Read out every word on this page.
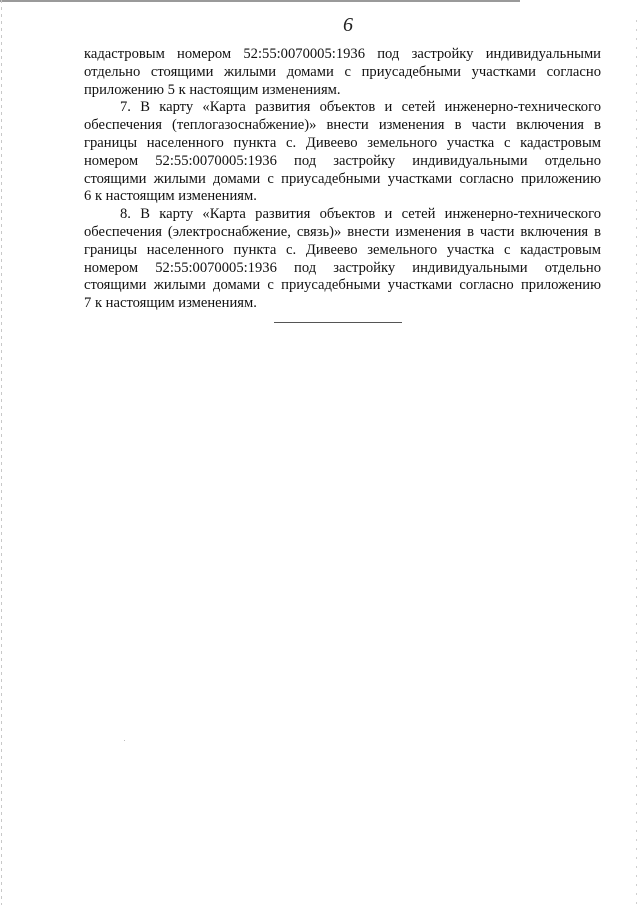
6
кадастровым номером 52:55:0070005:1936 под застройку индивидуальными
отдельно стоящими жилыми домами с приусадебными участками согласно
приложению 5 к настоящим изменениям.
7. В карту «Карта развития объектов и сетей инженерно-технического
обеспечения (теплогазоснабжение)» внести изменения в части включения в
границы населенного пункта с. Дивеево земельного участка с кадастровым
номером 52:55:0070005:1936 под застройку индивидуальными отдельно
стоящими жилыми домами с приусадебными участками согласно приложению
6 к настоящим изменениям.
8. В карту «Карта развития объектов и сетей инженерно-технического
обеспечения (электроснабжение, связь)» внести изменения в части включения в
границы населенного пункта с. Дивеево земельного участка с кадастровым
номером 52:55:0070005:1936 под застройку индивидуальными отдельно
стоящими жилыми домами с приусадебными участками согласно приложению
7 к настоящим изменениям.
